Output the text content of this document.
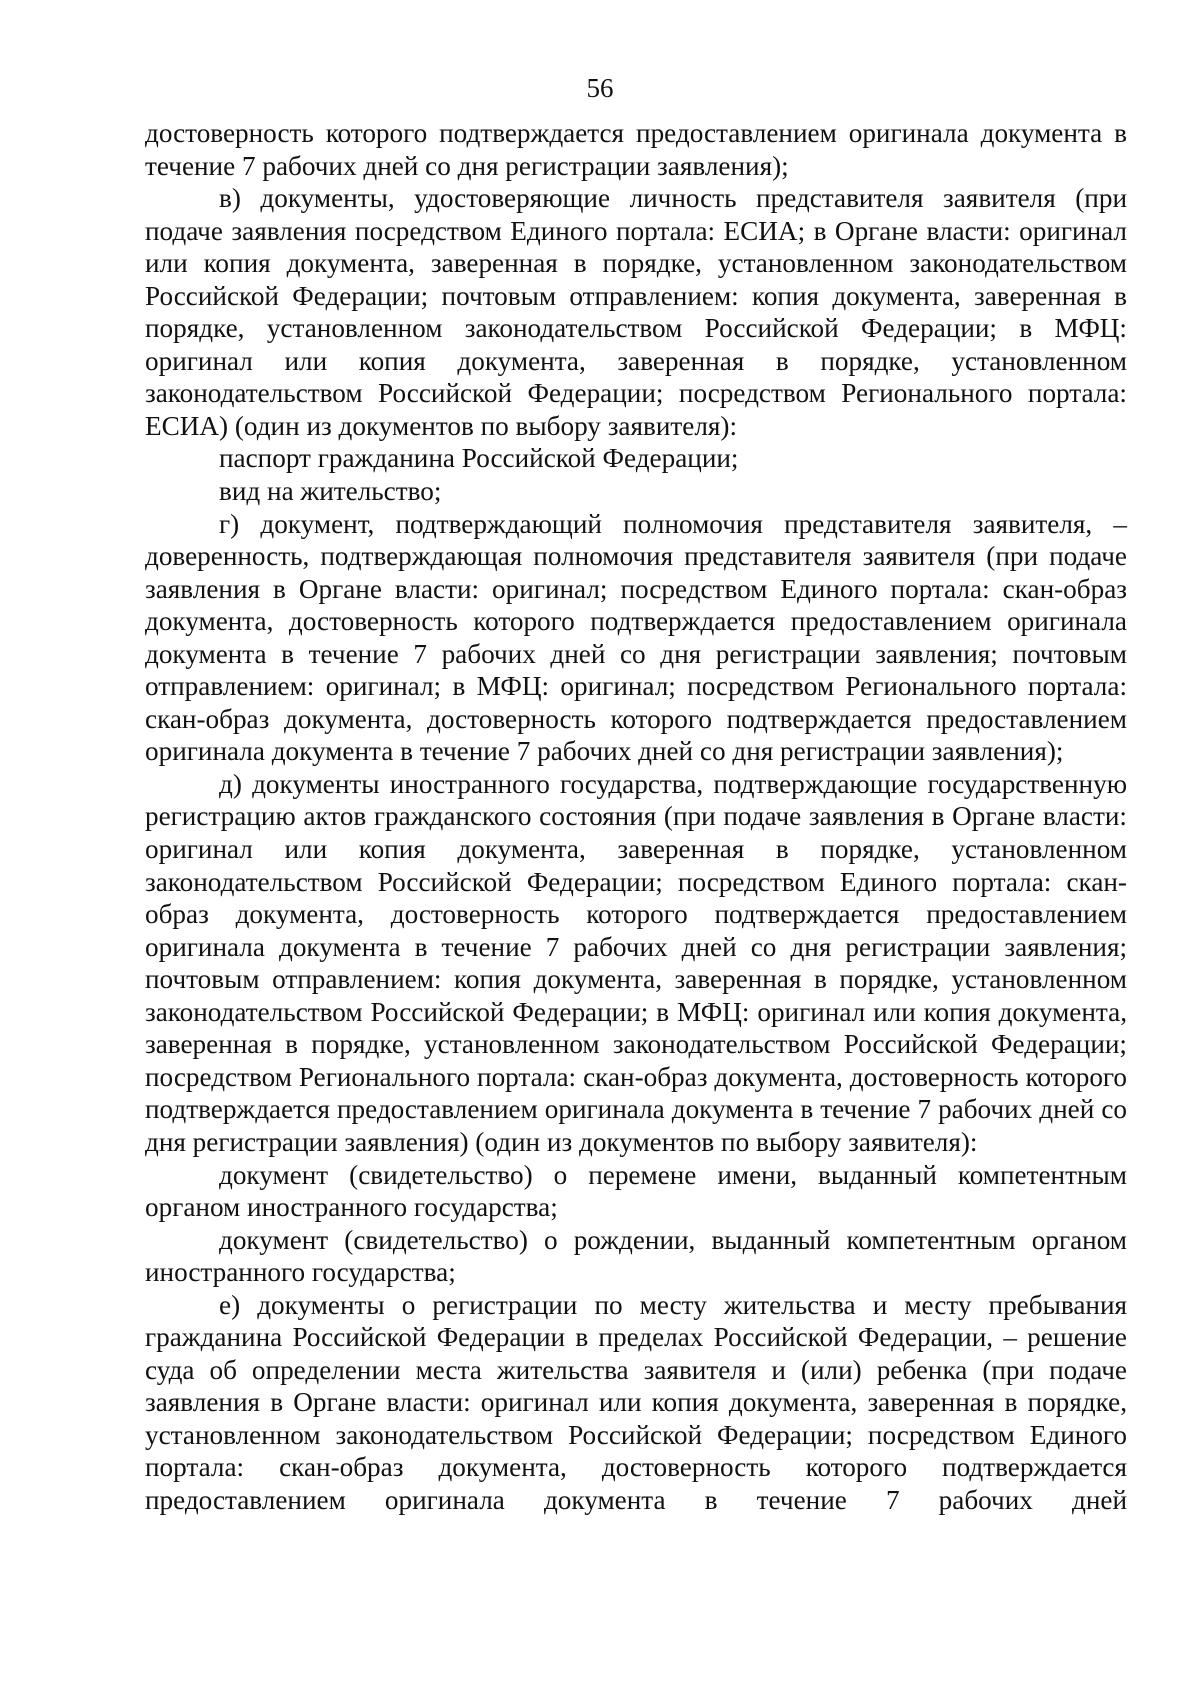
56

достоверность которого подтверждается предоставлением оригинала документа в течение 7 рабочих дней со дня регистрации заявления);

в) документы, удостоверяющие личность представителя заявителя (при подаче заявления посредством Единого портала: ЕСИА; в Органе власти: оригинал или копия документа, заверенная в порядке, установленном законодательством Российской Федерации; почтовым отправлением: копия документа, заверенная в порядке, установленном законодательством Российской Федерации; в МФЦ: оригинал или копия документа, заверенная в порядке, установленном законодательством Российской Федерации; посредством Регионального портала: ЕСИА) (один из документов по выбору заявителя):

паспорт гражданина Российской Федерации;

вид на жительство;

г) документ, подтверждающий полномочия представителя заявителя, – доверенность, подтверждающая полномочия представителя заявителя (при подаче заявления в Органе власти: оригинал; посредством Единого портала: скан-образ документа, достоверность которого подтверждается предоставлением оригинала документа в течение 7 рабочих дней со дня регистрации заявления; почтовым отправлением: оригинал; в МФЦ: оригинал; посредством Регионального портала: скан-образ документа, достоверность которого подтверждается предоставлением оригинала документа в течение 7 рабочих дней со дня регистрации заявления);

д) документы иностранного государства, подтверждающие государственную регистрацию актов гражданского состояния (при подаче заявления в Органе власти: оригинал или копия документа, заверенная в порядке, установленном законодательством Российской Федерации; посредством Единого портала: скан-образ документа, достоверность которого подтверждается предоставлением оригинала документа в течение 7 рабочих дней со дня регистрации заявления; почтовым отправлением: копия документа, заверенная в порядке, установленном законодательством Российской Федерации; в МФЦ: оригинал или копия документа, заверенная в порядке, установленном законодательством Российской Федерации; посредством Регионального портала: скан-образ документа, достоверность которого подтверждается предоставлением оригинала документа в течение 7 рабочих дней со дня регистрации заявления) (один из документов по выбору заявителя):

документ (свидетельство) о перемене имени, выданный компетентным органом иностранного государства;

документ (свидетельство) о рождении, выданный компетентным органом иностранного государства;

е) документы о регистрации по месту жительства и месту пребывания гражданина Российской Федерации в пределах Российской Федерации, – решение суда об определении места жительства заявителя и (или) ребенка (при подаче заявления в Органе власти: оригинал или копия документа, заверенная в порядке, установленном законодательством Российской Федерации; посредством Единого портала: скан-образ документа, достоверность которого подтверждается предоставлением оригинала документа в течение 7 рабочих дней
